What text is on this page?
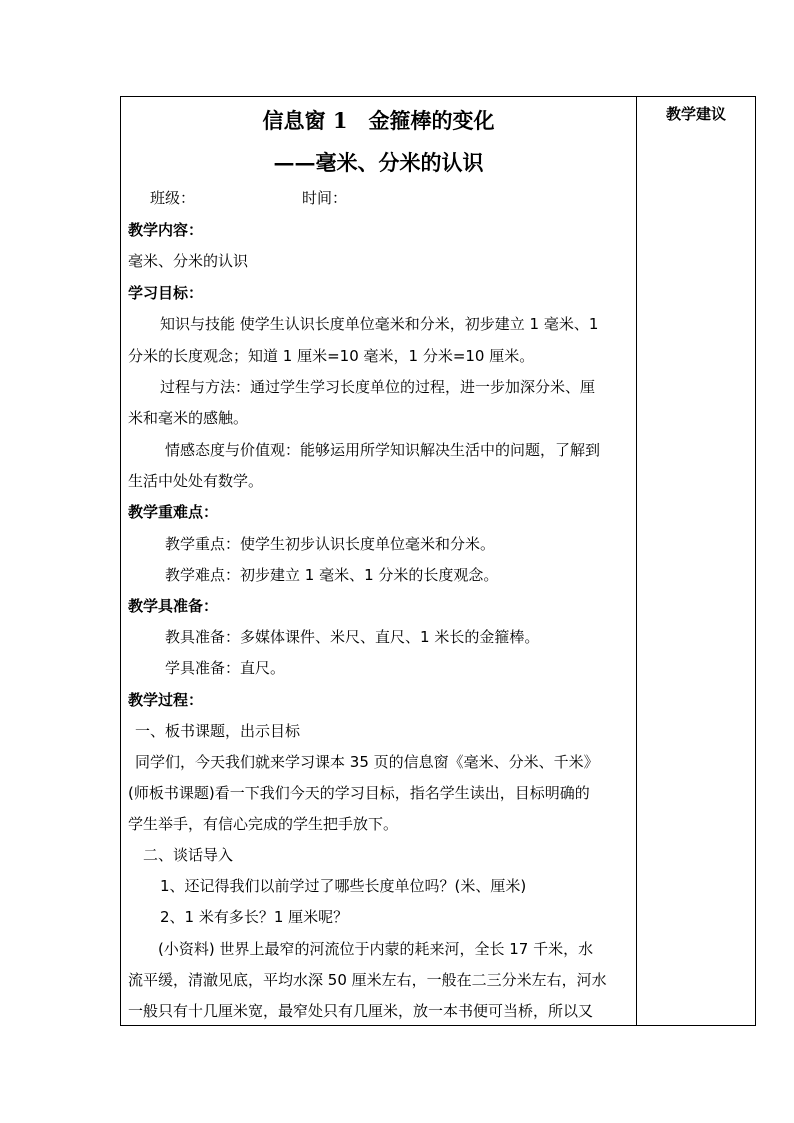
信息窗 1　金箍棒的变化
——毫米、分米的认识
班级：	时间：
教学内容：
毫米、分米的认识
学习目标：
知识与技能 使学生认识长度单位毫米和分米，初步建立 1 毫米、1
分米的长度观念；知道 1 厘米=10 毫米，1 分米=10 厘米。
过程与方法：通过学生学习长度单位的过程，进一步加深分米、厘
米和毫米的感触。
情感态度与价值观：能够运用所学知识解决生活中的问题，了解到
生活中处处有数学。
教学重难点：
教学重点：使学生初步认识长度单位毫米和分米。
教学难点：初步建立 1 毫米、1 分米的长度观念。
教学具准备：
教具准备：多媒体课件、米尺、直尺、1 米长的金箍棒。
学具准备：直尺。
教学过程：
一、板书课题，出示目标
同学们，今天我们就来学习课本 35 页的信息窗《毫米、分米、千米》
(师板书课题)看一下我们今天的学习目标，指名学生读出，目标明确的
学生举手，有信心完成的学生把手放下。
二、谈话导入
1、还记得我们以前学过了哪些长度单位吗？(米、厘米)
2、1 米有多长？1 厘米呢？
(小资料) 世界上最窄的河流位于内蒙的耗来河，全长 17 千米，水
流平缓，清澈见底，平均水深 50 厘米左右，一般在二三分米左右，河水
一般只有十几厘米宽，最窄处只有几厘米，放一本书便可当桥，所以又
教学建议
